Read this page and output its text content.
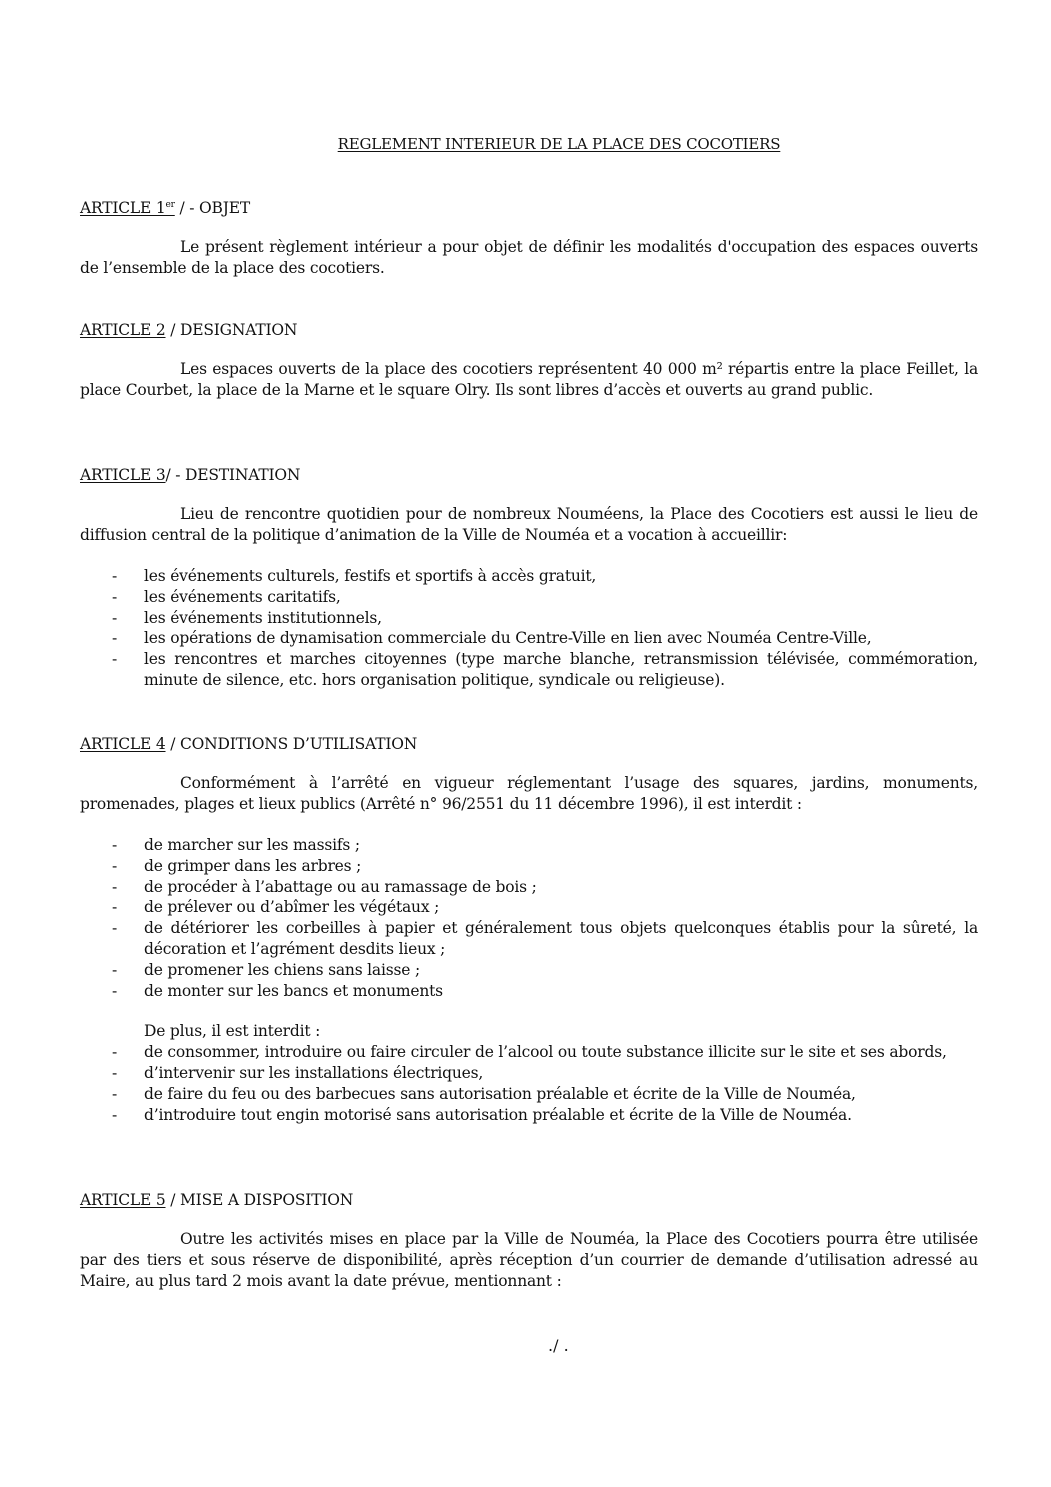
REGLEMENT INTERIEUR DE LA PLACE DES COCOTIERS

ARTICLE 1er / - OBJET

Le présent règlement intérieur a pour objet de définir les modalités d'occupation des espaces ouverts de l’ensemble de la place des cocotiers.

ARTICLE 2 / DESIGNATION

Les espaces ouverts de la place des cocotiers représentent 40 000 m² répartis entre la place Feillet, la place Courbet, la place de la Marne et le square Olry. Ils sont libres d’accès et ouverts au grand public.

ARTICLE 3/ - DESTINATION

Lieu de rencontre quotidien pour de nombreux Nouméens, la Place des Cocotiers est aussi le lieu de diffusion central de la politique d’animation de la Ville de Nouméa et a vocation à accueillir:

- les événements culturels, festifs et sportifs à accès gratuit,
- les événements caritatifs,
- les événements institutionnels,
- les opérations de dynamisation commerciale du Centre-Ville en lien avec Nouméa Centre-Ville,
- les rencontres et marches citoyennes (type marche blanche, retransmission télévisée, commémoration, minute de silence, etc. hors organisation politique, syndicale ou religieuse).

ARTICLE 4 / CONDITIONS D’UTILISATION

Conformément à l’arrêté en vigueur réglementant l’usage des squares, jardins, monuments, promenades, plages et lieux publics (Arrêté n° 96/2551 du 11 décembre 1996), il est interdit :

- de marcher sur les massifs ;
- de grimper dans les arbres ;
- de procéder à l’abattage ou au ramassage de bois ;
- de prélever ou d’abîmer les végétaux ;
- de détériorer les corbeilles à papier et généralement tous objets quelconques établis pour la sûreté, la décoration et l’agrément desdits lieux ;
- de promener les chiens sans laisse ;
- de monter sur les bancs et monuments

De plus, il est interdit :

- de consommer, introduire ou faire circuler de l’alcool ou toute substance illicite sur le site et ses abords,
- d’intervenir sur les installations électriques,
- de faire du feu ou des barbecues sans autorisation préalable et écrite de la Ville de Nouméa,
- d’introduire tout engin motorisé sans autorisation préalable et écrite de la Ville de Nouméa.

ARTICLE 5 / MISE A DISPOSITION

Outre les activités mises en place par la Ville de Nouméa, la Place des Cocotiers pourra être utilisée par des tiers et sous réserve de disponibilité, après réception d’un courrier de demande d’utilisation adressé au Maire, au plus tard 2 mois avant la date prévue, mentionnant :

./ .
